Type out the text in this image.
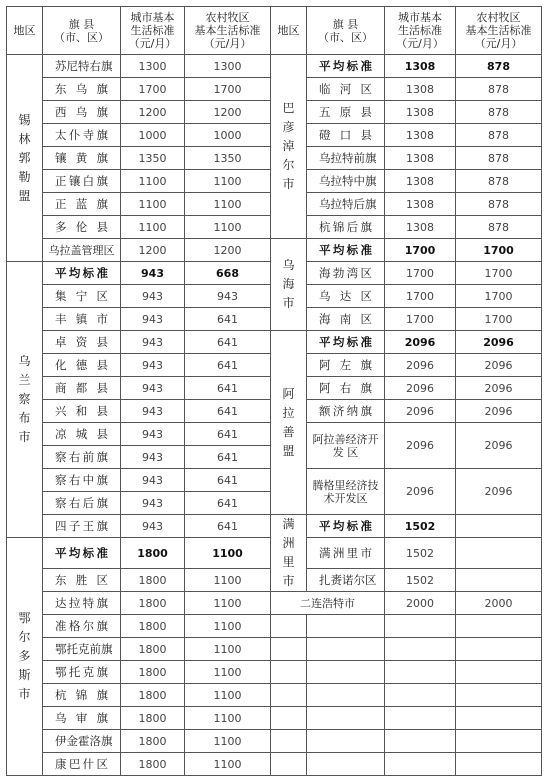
地区	旗 县
（市、区）	城市基本
生活标准
（元/月）	农村牧区
基本生活标准
（元/月）	地区	旗 县
（市、区）	城市基本
生活标准
（元/月）	农村牧区
基本生活标准
（元/月）

锡
林
郭
勒
盟	苏尼特右旗	1300	1300	巴
彦
淖
尔
市	平均标准	1308	878
	东 乌 旗	1700	1700		临 河 区	1308	878
	西 乌 旗	1200	1200		五 原 县	1308	878
	太仆寺旗	1000	1000		磴 口 县	1308	878
	镶 黄 旗	1350	1350		乌拉特前旗	1308	878
	正镶白旗	1100	1100		乌拉特中旗	1308	878
	正 蓝 旗	1100	1100		乌拉特后旗	1308	878
	多 伦 县	1100	1100		杭锦后旗	1308	878
	乌拉盖管理区	1200	1200	乌
海
市	平均标准	1700	1700

乌
兰
察
布
市	平均标准	943	668		海勃湾区	1700	1700
	集 宁 区	943	943		乌 达 区	1700	1700
	丰 镇 市	943	641		海 南 区	1700	1700
	卓 资 县	943	641	阿
拉
善
盟	平均标准	2096	2096
	化 德 县	943	641		阿 左 旗	2096	2096
	商 都 县	943	641		阿 右 旗	2096	2096
	兴 和 县	943	641		额济纳旗	2096	2096
	凉 城 县	943	641		阿拉善经济开 发 区	2096	2096
	察右前旗	943	641				
	察右中旗	943	641		腾格里经济技术开发区	2096	2096
	察右后旗	943	641				
	四子王旗	943	641	满
洲
里
市	平均标准	1502	

鄂
尔
多
斯
市	平均标准	1800	1100		满洲里市	1502	
	东 胜 区	1800	1100		扎赉诺尔区	1502	
	达拉特旗	1800	1100	二连浩特市		2000	2000
	准格尔旗	1800	1100				
	鄂托克前旗	1800	1100				
	鄂托克旗	1800	1100				
	杭 锦 旗	1800	1100				
	乌 审 旗	1800	1100				
	伊金霍洛旗	1800	1100				
	康巴什区	1800	1100				
